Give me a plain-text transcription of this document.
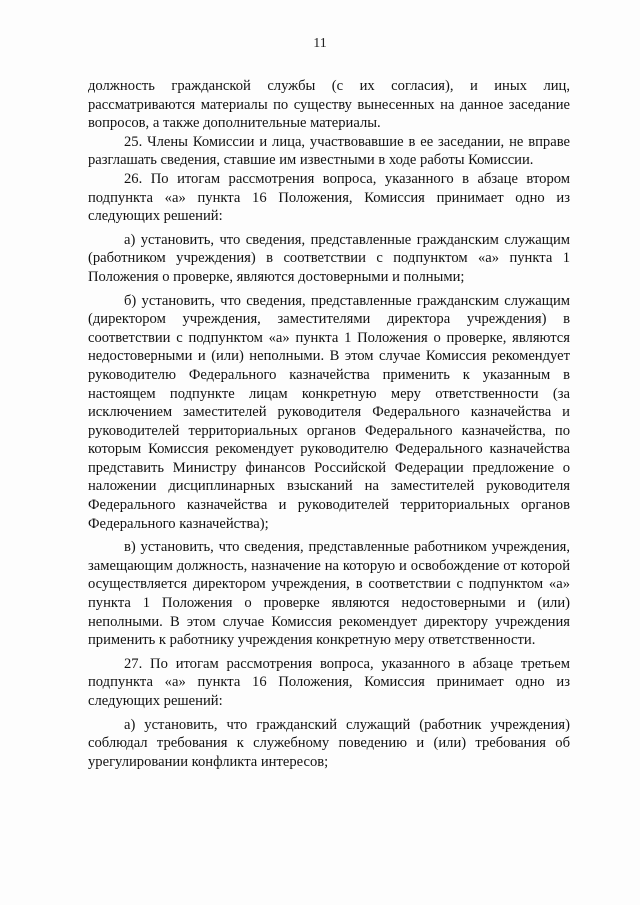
11

должность гражданской службы (с их согласия), и иных лиц, рассматриваются материалы по существу вынесенных на данное заседание вопросов, а также дополнительные материалы.

25. Члены Комиссии и лица, участвовавшие в ее заседании, не вправе разглашать сведения, ставшие им известными в ходе работы Комиссии.

26. По итогам рассмотрения вопроса, указанного в абзаце втором подпункта «а» пункта 16 Положения, Комиссия принимает одно из следующих решений:

а) установить, что сведения, представленные гражданским служащим (работником учреждения) в соответствии с подпунктом «а» пункта 1 Положения о проверке, являются достоверными и полными;

б) установить, что сведения, представленные гражданским служащим (директором учреждения, заместителями директора учреждения) в соответствии с подпунктом «а» пункта 1 Положения о проверке, являются недостоверными и (или) неполными. В этом случае Комиссия рекомендует руководителю Федерального казначейства применить к указанным в настоящем подпункте лицам конкретную меру ответственности (за исключением заместителей руководителя Федерального казначейства и руководителей территориальных органов Федерального казначейства, по которым Комиссия рекомендует руководителю Федерального казначейства представить Министру финансов Российской Федерации предложение о наложении дисциплинарных взысканий на заместителей руководителя Федерального казначейства и руководителей территориальных органов Федерального казначейства);

в) установить, что сведения, представленные работником учреждения, замещающим должность, назначение на которую и освобождение от которой осуществляется директором учреждения, в соответствии с подпунктом «а» пункта 1 Положения о проверке являются недостоверными и (или) неполными. В этом случае Комиссия рекомендует директору учреждения применить к работнику учреждения конкретную меру ответственности.

27. По итогам рассмотрения вопроса, указанного в абзаце третьем подпункта «а» пункта 16 Положения, Комиссия принимает одно из следующих решений:

а) установить, что гражданский служащий (работник учреждения) соблюдал требования к служебному поведению и (или) требования об урегулировании конфликта интересов;
